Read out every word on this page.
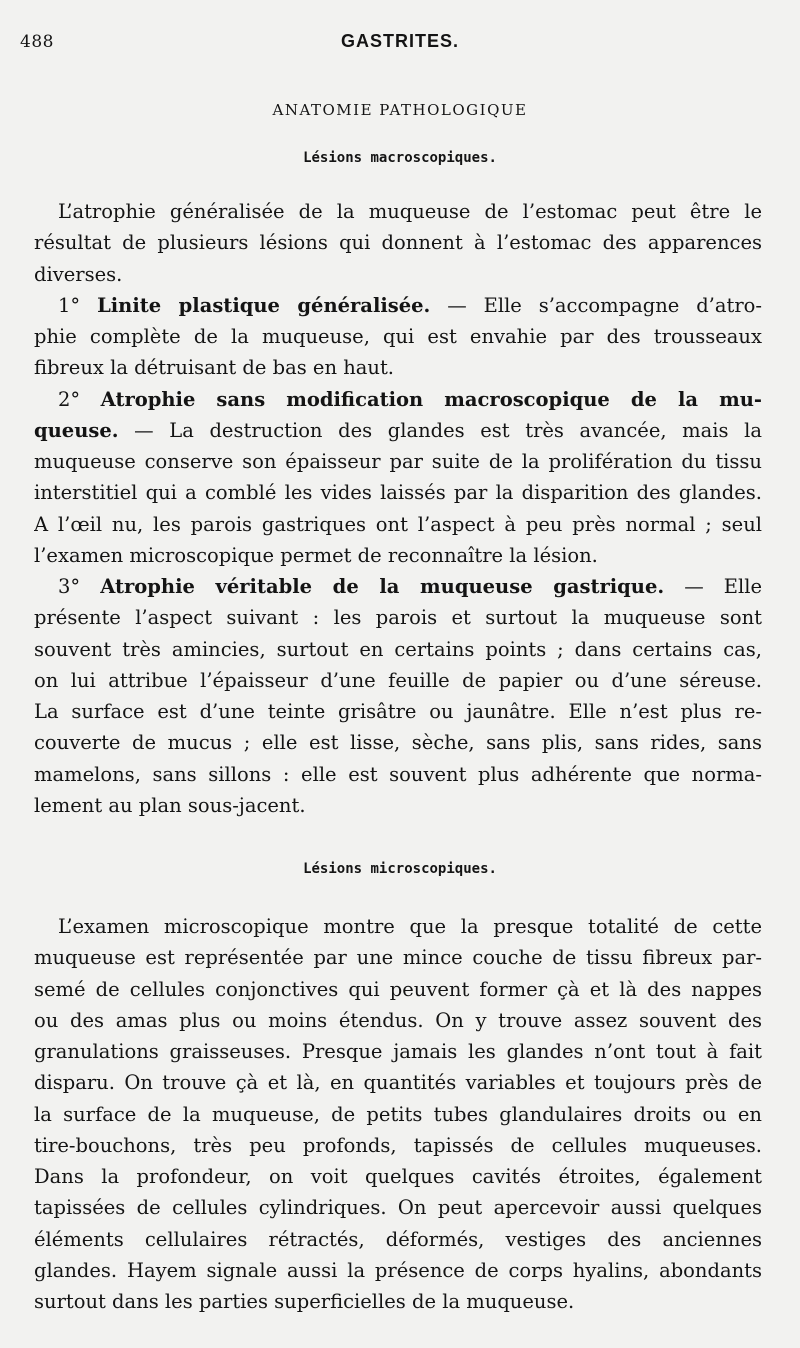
488	GASTRITES.
ANATOMIE PATHOLOGIQUE
Lésions macroscopiques.
L’atrophie généralisée de la muqueuse de l’estomac peut être le
résultat de plusieurs lésions qui donnent à l’estomac des apparences
diverses.
1° Linite plastique généralisée. — Elle s’accompagne d’atro-
phie complète de la muqueuse, qui est envahie par des trousseaux
fibreux la détruisant de bas en haut.
2° Atrophie sans modification macroscopique de la mu-
queuse. — La destruction des glandes est très avancée, mais la
muqueuse conserve son épaisseur par suite de la prolifération du tissu
interstitiel qui a comblé les vides laissés par la disparition des glandes.
A l’œil nu, les parois gastriques ont l’aspect à peu près normal ; seul
l’examen microscopique permet de reconnaître la lésion.
3° Atrophie véritable de la muqueuse gastrique. — Elle
présente l’aspect suivant : les parois et surtout la muqueuse sont
souvent très amincies, surtout en certains points ; dans certains cas,
on lui attribue l’épaisseur d’une feuille de papier ou d’une séreuse.
La surface est d’une teinte grisâtre ou jaunâtre. Elle n’est plus re-
couverte de mucus ; elle est lisse, sèche, sans plis, sans rides, sans
mamelons, sans sillons : elle est souvent plus adhérente que norma-
lement au plan sous-jacent.
Lésions microscopiques.
L’examen microscopique montre que la presque totalité de cette
muqueuse est représentée par une mince couche de tissu fibreux par-
semé de cellules conjonctives qui peuvent former çà et là des nappes
ou des amas plus ou moins étendus. On y trouve assez souvent des
granulations graisseuses. Presque jamais les glandes n’ont tout à fait
disparu. On trouve çà et là, en quantités variables et toujours près de
la surface de la muqueuse, de petits tubes glandulaires droits ou en
tire-bouchons, très peu profonds, tapissés de cellules muqueuses.
Dans la profondeur, on voit quelques cavités étroites, également
tapissées de cellules cylindriques. On peut apercevoir aussi quelques
éléments cellulaires rétractés, déformés, vestiges des anciennes
glandes. Hayem signale aussi la présence de corps hyalins, abondants
surtout dans les parties superficielles de la muqueuse.
